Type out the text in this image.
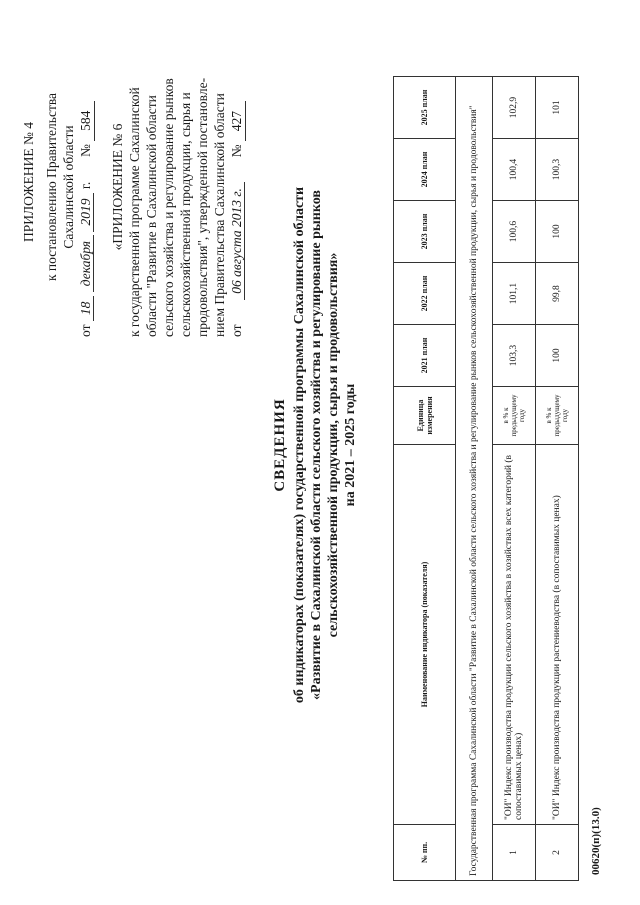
ПРИЛОЖЕНИЕ № 4 к постановлению Правительства Сахалинской области
от 18 декабря 2019 г.  № 584
«ПРИЛОЖЕНИЕ № 6 к государственной программе Сахалинской области "Развитие в Сахалинской области сельского хозяйства и регулирование рынков сельскохозяйственной продукции, сырья и продовольствия", утвержденной постановле- нием Правительства Сахалинской области от  06 августа 2013 г.  № 427
СВЕДЕНИЯ об индикаторах (показателях) государственной программы Сахалинской области «Развитие в Сахалинской области сельского хозяйства и регулирование рынков сельскохозяйственной продукции, сырья и продовольствия» на 2021 – 2025 годы
№ пп.	Наименование индикатора (показателя)	Единица измерения	2021 план	2022 план	2023 план	2024 план	2025 план
Государственная программа Сахалинской области "Развитие в Сахалинской области сельского хозяйства и регулирование рынков сельскохозяйственной продукции, сырья и продовольствия"							
1	"ОИ" Индекс производства продукции сельского хозяйства в хозяйствах всех категорий (в сопоставимых ценах)	в % к предыдущему году	103,3	101,1	100,6	100,4	102,9
2	"ОИ" Индекс производства продукции растениеводства (в сопоставимых ценах)	в % к предыдущему году	100	99,8	100	100,3	101
00620(п)(13.0)
